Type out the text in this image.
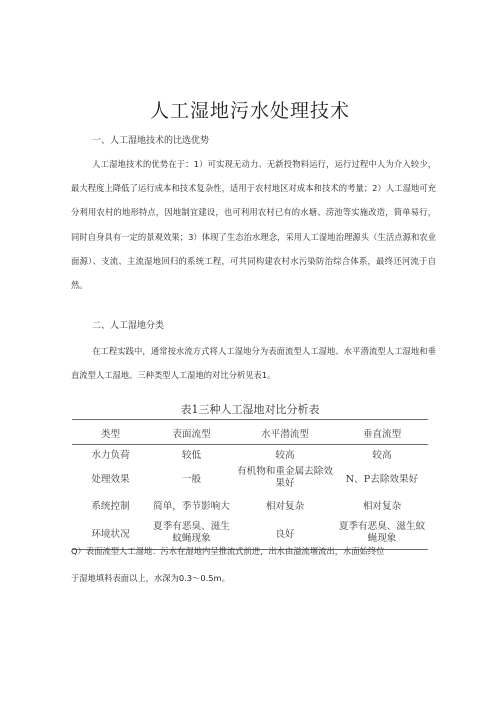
人工湿地污水处理技术
一、人工湿地技术的比选优势

人工湿地技术的优势在于：1）可实现无动力、无新投物料运行，运行过程中人为介入较少，最大程度上降低了运行成本和技术复杂性，适用于农村地区对成本和技术的考量；2）人工湿地可充分利用农村的地形特点，因地制宜建设，也可利用农村已有的水塘、涝池等实施改造，简单易行，同时自身具有一定的景观效果；3）体现了生态治水理念，采用人工湿地治理源头（生活点源和农业面源）、支流、主流湿地回归的系统工程，可共同构建农村水污染防治综合体系，最终还河流于自然。

二、人工湿地分类

在工程实践中，通常按水流方式将人工湿地分为表面流型人工湿地、水平潜流型人工湿地和垂直流型人工湿地。三种类型人工湿地的对比分析见表1。

表1三种人工湿地对比分析表
类型	表面流型	水平潜流型	垂直流型
水力负荷	较低	较高	较高
处理效果	一般	有机物和重金属去除效果好	N、P去除效果好
系统控制	简单，季节影响大	相对复杂	相对复杂
环境状况	夏季有恶臭、滋生蚊蝇现象	良好	夏季有恶臭、滋生蚊蝇现象
Q）表面流型人工湿地：污水在湿地内呈推流式前进，出水由溢流堰流出，水面始终位
于湿地填料表面以上，水深为0.3～0.5m。
